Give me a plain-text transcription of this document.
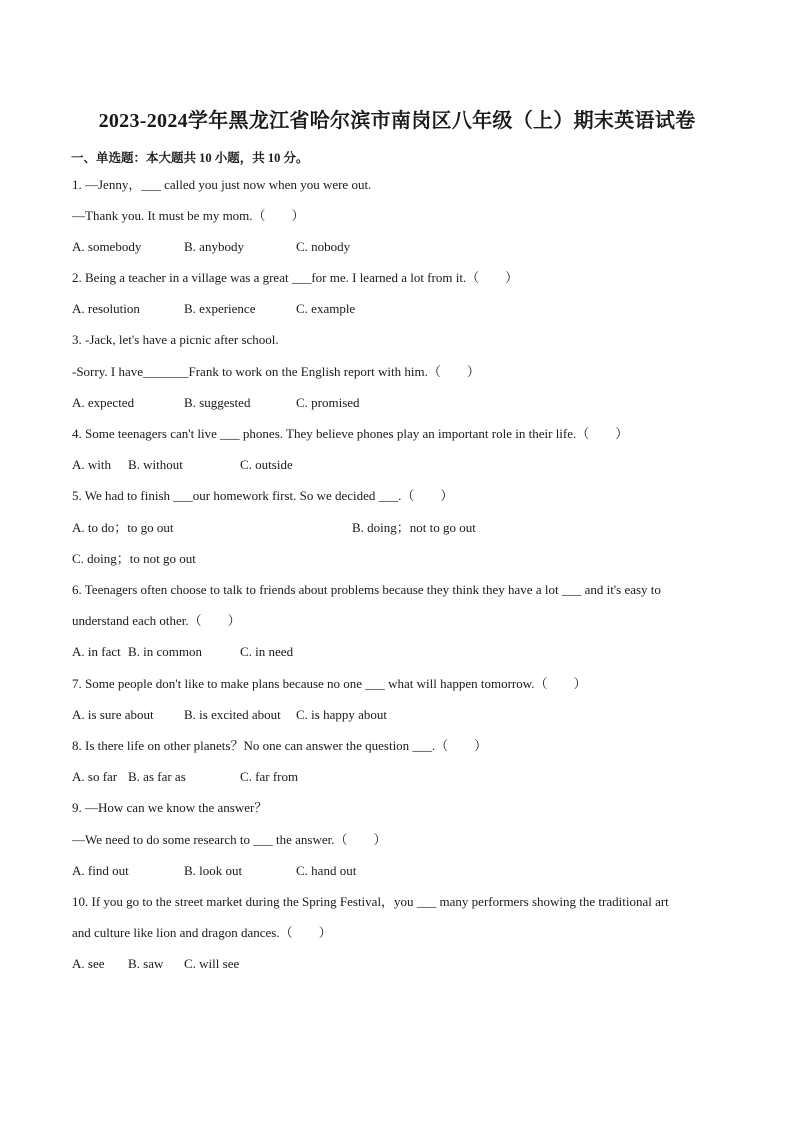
2023-2024学年黑龙江省哈尔滨市南岗区八年级（上）期末英语试卷
一、单选题：本大题共 10 小题，共 10 分。
1. —Jenny，___ called you just now when you were out.
—Thank you. It must be my mom.（　　）
A. somebody	B. anybody	C. nobody
2. Being a teacher in a village was a great ___for me. I learned a lot from it.（　　）
A. resolution	B. experience	C. example
3. -Jack, let's have a picnic after school.
-Sorry. I have_______Frank to work on the English report with him.（　　）
A. expected	B. suggested	C. promised
4. Some teenagers can't live ___ phones. They believe phones play an important role in their life.（　　）
A. with B. without	C. outside
5. We had to finish ___our homework first. So we decided ___.（　　）
A. to do；to go out	B. doing；not to go out
C. doing；to not go out
6. Teenagers often choose to talk to friends about problems because they think they have a lot ___ and it's easy to
understand each other.（　　）
A. in fact B. in common	C. in need
7. Some people don't like to make plans because no one ___ what will happen tomorrow.（　　）
A. is sure about B. is excited about C. is happy about
8. Is there life on other planets？No one can answer the question ___.（　　）
A. so far B. as far as	C. far from
9. —How can we know the answer？
—We need to do some research to ___ the answer.（　　）
A. find out	B. look out	C. hand out
10. If you go to the street market during the Spring Festival，you ___ many performers showing the traditional art
and culture like lion and dragon dances.（　　）
A. see B. saw C. will see
